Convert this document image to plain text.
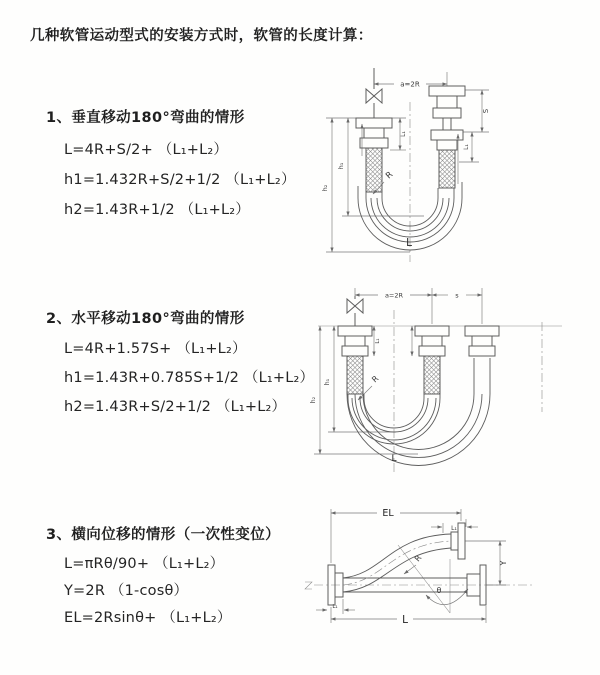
几种软管运动型式的安装方式时，软管的长度计算：
1、垂直移动180°弯曲的情形
L=4R+S/2+ （L₁+L₂）
h1=1.432R+S/2+1/2 （L₁+L₂）
h2=1.43R+1/2 （L₁+L₂）
2、水平移动180°弯曲的情形
L=4R+1.57S+ （L₁+L₂）
h1=1.43R+0.785S+1/2 （L₁+L₂）
h2=1.43R+S/2+1/2 （L₁+L₂）
3、横向位移的情形（一次性变位）
L=πRθ/90+ （L₁+L₂）
Y=2R （1-cosθ）
EL=2Rsinθ+ （L₁+L₂）
a=2R
S
L₁
L₁
h₁
h₂
R
L
a=2R	s
L₁
h₁
h₂
R
L
EL
L₁
Y
R
θ
L
L₁
